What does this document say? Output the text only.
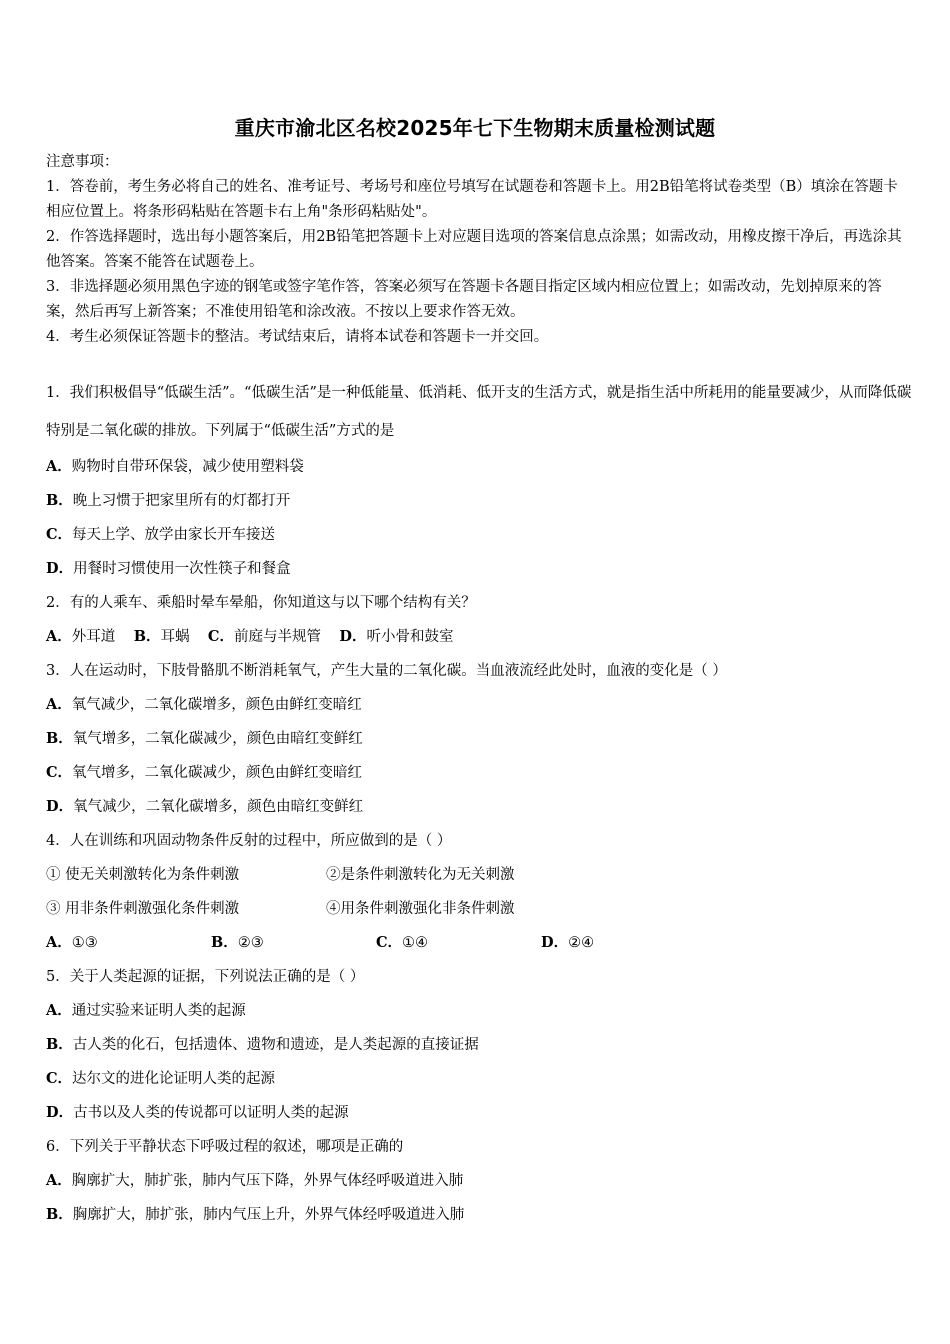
重庆市渝北区名校2025年七下生物期末质量检测试题

注意事项：

1．答卷前，考生务必将自己的姓名、准考证号、考场号和座位号填写在试题卷和答题卡上。用2B铅笔将试卷类型（B）填涂在答题卡相应位置上。将条形码粘贴在答题卡右上角"条形码粘贴处"。

2．作答选择题时，选出每小题答案后，用2B铅笔把答题卡上对应题目选项的答案信息点涂黑；如需改动，用橡皮擦干净后，再选涂其他答案。答案不能答在试题卷上。

3．非选择题必须用黑色字迹的钢笔或签字笔作答，答案必须写在答题卡各题目指定区域内相应位置上；如需改动，先划掉原来的答案，然后再写上新答案；不准使用铅笔和涂改液。不按以上要求作答无效。

4．考生必须保证答题卡的整洁。考试结束后，请将本试卷和答题卡一并交回。

1．我们积极倡导“低碳生活”。“低碳生活”是一种低能量、低消耗、低开支的生活方式，就是指生活中所耗用的能量要减少，从而降低碳特别是二氧化碳的排放。下列属于“低碳生活”方式的是

A．购物时自带环保袋，减少使用塑料袋
B．晚上习惯于把家里所有的灯都打开
C．每天上学、放学由家长开车接送
D．用餐时习惯使用一次性筷子和餐盒
2．有的人乘车、乘船时晕车晕船，你知道这与以下哪个结构有关？
A．外耳道 B．耳蜗 C．前庭与半规管 D．听小骨和鼓室
3．人在运动时，下肢骨骼肌不断消耗氧气，产生大量的二氧化碳。当血液流经此处时，血液的变化是（ ）
A．氧气减少，二氧化碳增多，颜色由鲜红变暗红
B．氧气增多，二氧化碳减少，颜色由暗红变鲜红
C．氧气增多，二氧化碳减少，颜色由鲜红变暗红
D．氧气减少，二氧化碳增多，颜色由暗红变鲜红
4．人在训练和巩固动物条件反射的过程中，所应做到的是（ ）
① 使无关刺激转化为条件刺激	②是条件刺激转化为无关刺激
③ 用非条件刺激强化条件刺激	④用条件刺激强化非条件刺激
A．①③	B．②③	C．①④	D．②④
5．关于人类起源的证据，下列说法正确的是（ ）
A．通过实验来证明人类的起源
B．古人类的化石，包括遗体、遗物和遗迹，是人类起源的直接证据
C．达尔文的进化论证明人类的起源
D．古书以及人类的传说都可以证明人类的起源
6．下列关于平静状态下呼吸过程的叙述，哪项是正确的
A．胸廓扩大，肺扩张，肺内气压下降，外界气体经呼吸道进入肺
B．胸廓扩大，肺扩张，肺内气压上升，外界气体经呼吸道进入肺
